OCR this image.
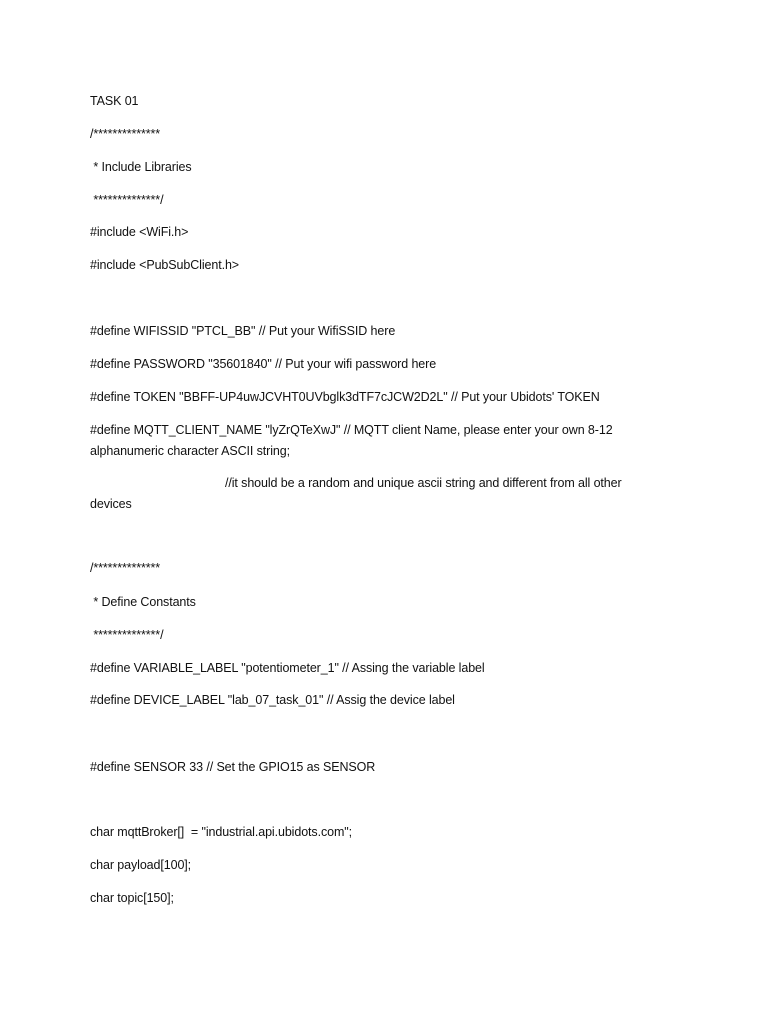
TASK 01

/**************

* Include Libraries

**************/

#include <WiFi.h>

#include <PubSubClient.h>

#define WIFISSID "PTCL_BB" // Put your WifiSSID here

#define PASSWORD "35601840" // Put your wifi password here

#define TOKEN "BBFF-UP4uwJCVHT0UVbglk3dTF7cJCW2D2L" // Put your Ubidots' TOKEN

#define MQTT_CLIENT_NAME "lyZrQTeXwJ" // MQTT client Name, please enter your own 8-12

alphanumeric character ASCII string;

//it should be a random and unique ascii string and different from all other

devices

/**************

* Define Constants

**************/

#define VARIABLE_LABEL "potentiometer_1" // Assing the variable label

#define DEVICE_LABEL "lab_07_task_01" // Assig the device label

#define SENSOR 33 // Set the GPIO15 as SENSOR

char mqttBroker[]  = "industrial.api.ubidots.com";

char payload[100];

char topic[150];
